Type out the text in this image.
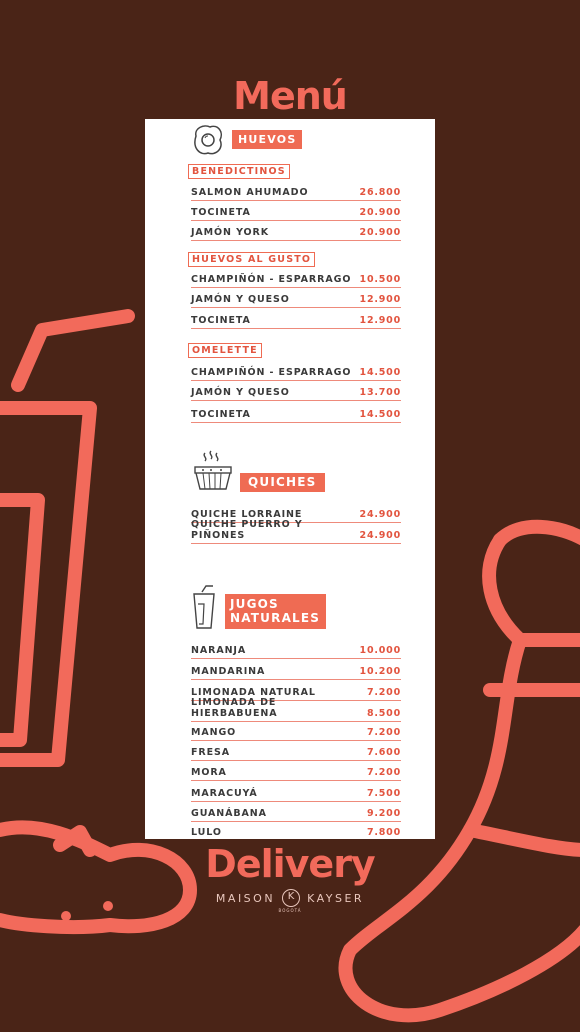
Menú
HUEVOS
BENEDICTINOS
SALMON AHUMADO	26.800
TOCINETA	20.900
JAMÓN YORK	20.900
HUEVOS AL GUSTO
CHAMPIÑÓN - ESPARRAGO 10.500
JAMÓN Y QUESO	12.900
TOCINETA	12.900
OMELETTE
CHAMPIÑÓN - ESPARRAGO 14.500
JAMÓN Y QUESO	13.700
TOCINETA	14.500
QUICHES
QUICHE LORRAINE	24.900
QUICHE PUERRO Y PIÑONES	24.900
JUGOS
NATURALES
NARANJA	10.000
MANDARINA	10.200
LIMONADA NATURAL	7.200
LIMONADA DE HIERBABUENA	8.500
MANGO	7.200
FRESA	7.600
MORA	7.200
MARACUYÁ	7.500
GUANÁBANA	9.200
LULO	7.800
Delivery
MAISON	K	KAYSER
BOGOTÁ
